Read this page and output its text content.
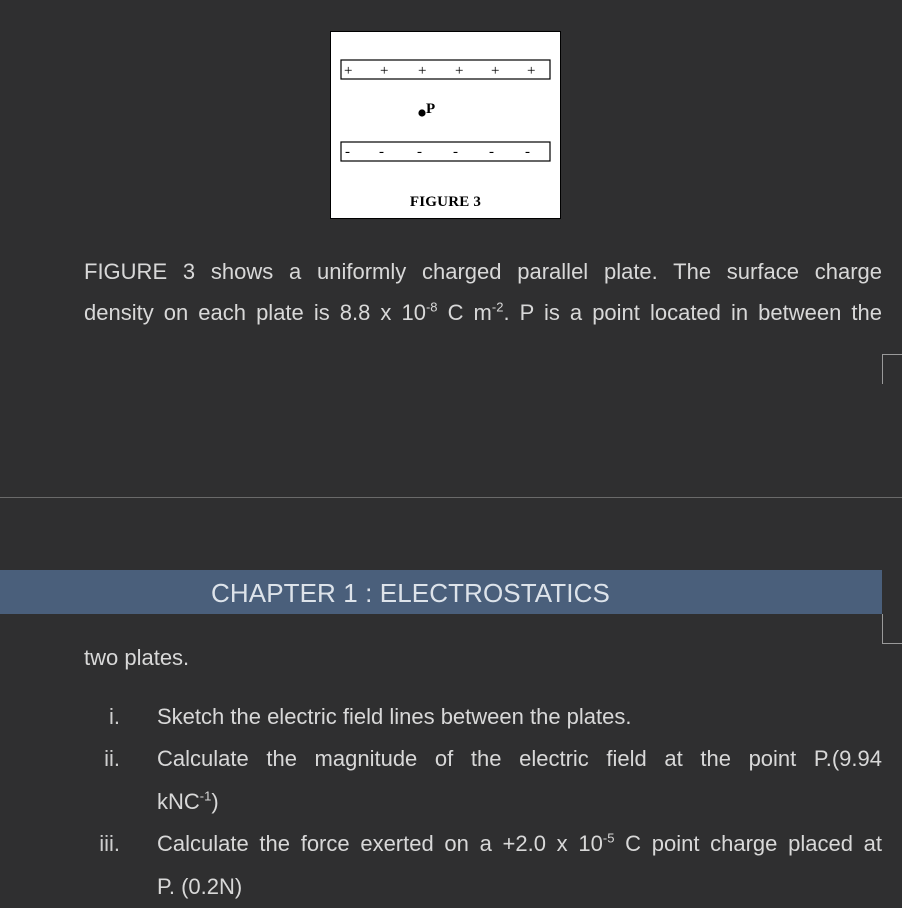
+ + + + + +
- - - - - -
P
FIGURE 3

FIGURE 3 shows a uniformly charged parallel plate. The surface charge

density on each plate is 8.8 x $10^{-8}$ C $m^{-2}$. P is a point located in between the

CHAPTER 1 : ELECTROSTATICS
two plates.
i. Sketch the electric field lines between the plates.
ii. Calculate the magnitude of the electric field at the point P.(9.94
kNC$^{-1}$)
iii. Calculate the force exerted on a +2.0 x $10^{-5}$ C point charge placed at
P. (0.2N)
